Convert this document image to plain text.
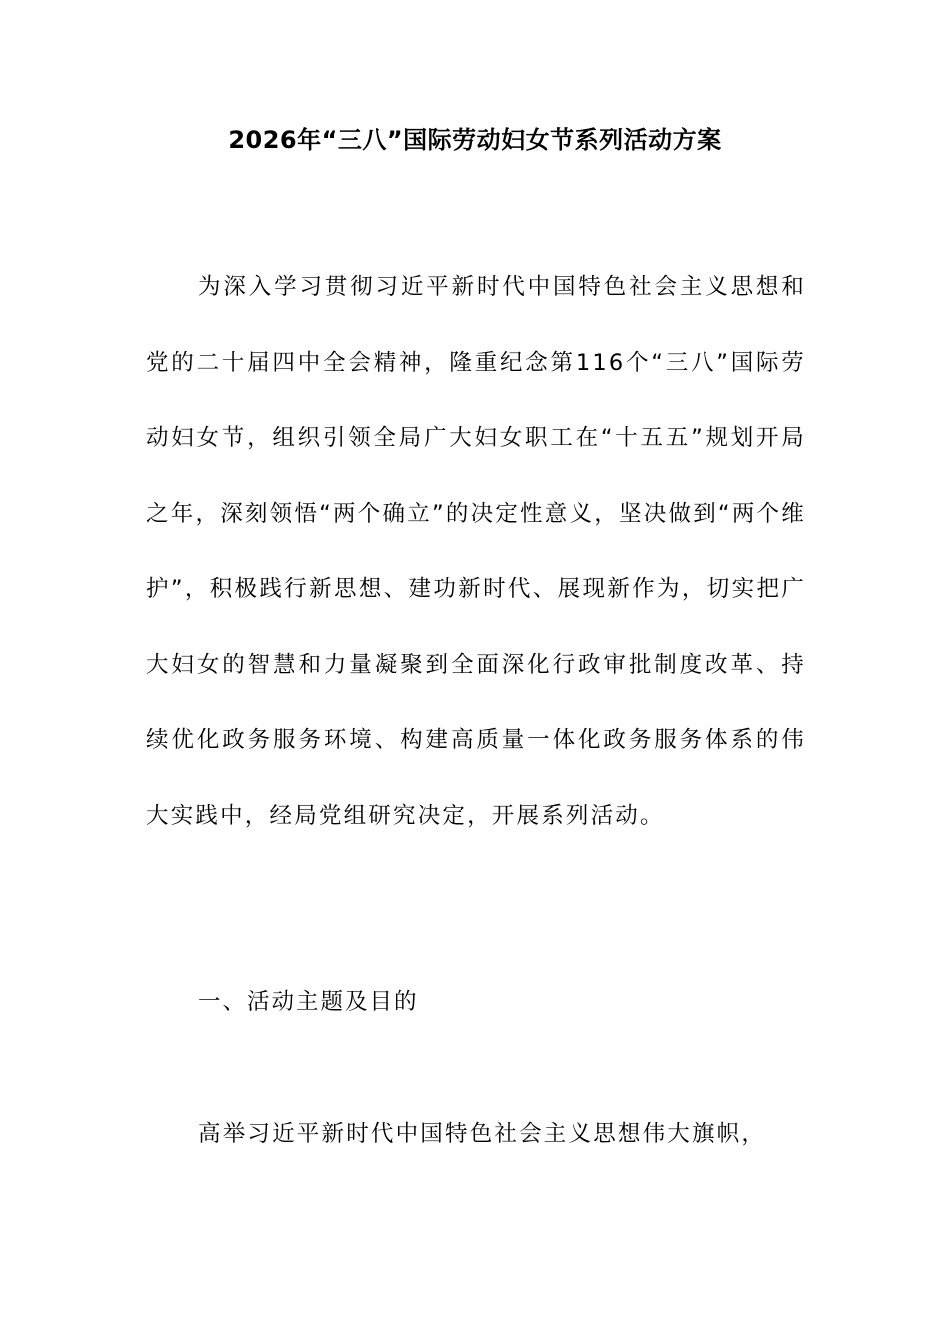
2026年“三八”国际劳动妇女节系列活动方案

为深入学习贯彻习近平新时代中国特色社会主义思想和党的二十届四中全会精神，隆重纪念第116个“三八”国际劳动妇女节，组织引领全局广大妇女职工在“十五五”规划开局之年，深刻领悟“两个确立”的决定性意义，坚决做到“两个维护”，积极践行新思想、建功新时代、展现新作为，切实把广大妇女的智慧和力量凝聚到全面深化行政审批制度改革、持续优化政务服务环境、构建高质量一体化政务服务体系的伟大实践中，经局党组研究决定，开展系列活动。

一、活动主题及目的

高举习近平新时代中国特色社会主义思想伟大旗帜，
